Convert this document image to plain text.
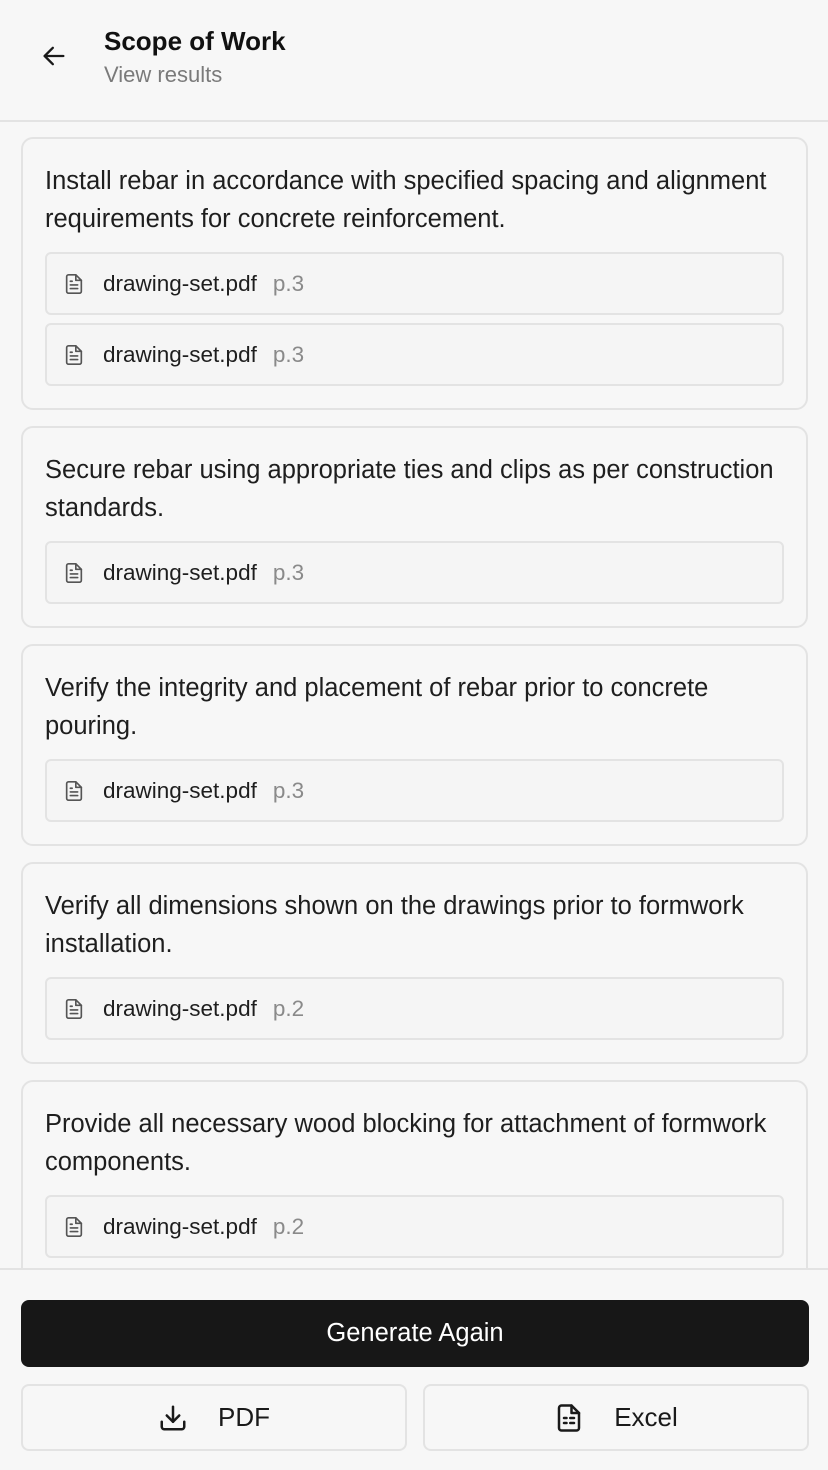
Scope of Work
View results
Install rebar in accordance with specified spacing and alignment requirements for concrete reinforcement.
drawing-set.pdf p.3
drawing-set.pdf p.3
Secure rebar using appropriate ties and clips as per construction standards.
drawing-set.pdf p.3
Verify the integrity and placement of rebar prior to concrete pouring.
drawing-set.pdf p.3
Verify all dimensions shown on the drawings prior to formwork installation.
drawing-set.pdf p.2
Provide all necessary wood blocking for attachment of formwork components.
drawing-set.pdf p.2
Generate Again
PDF	Excel
